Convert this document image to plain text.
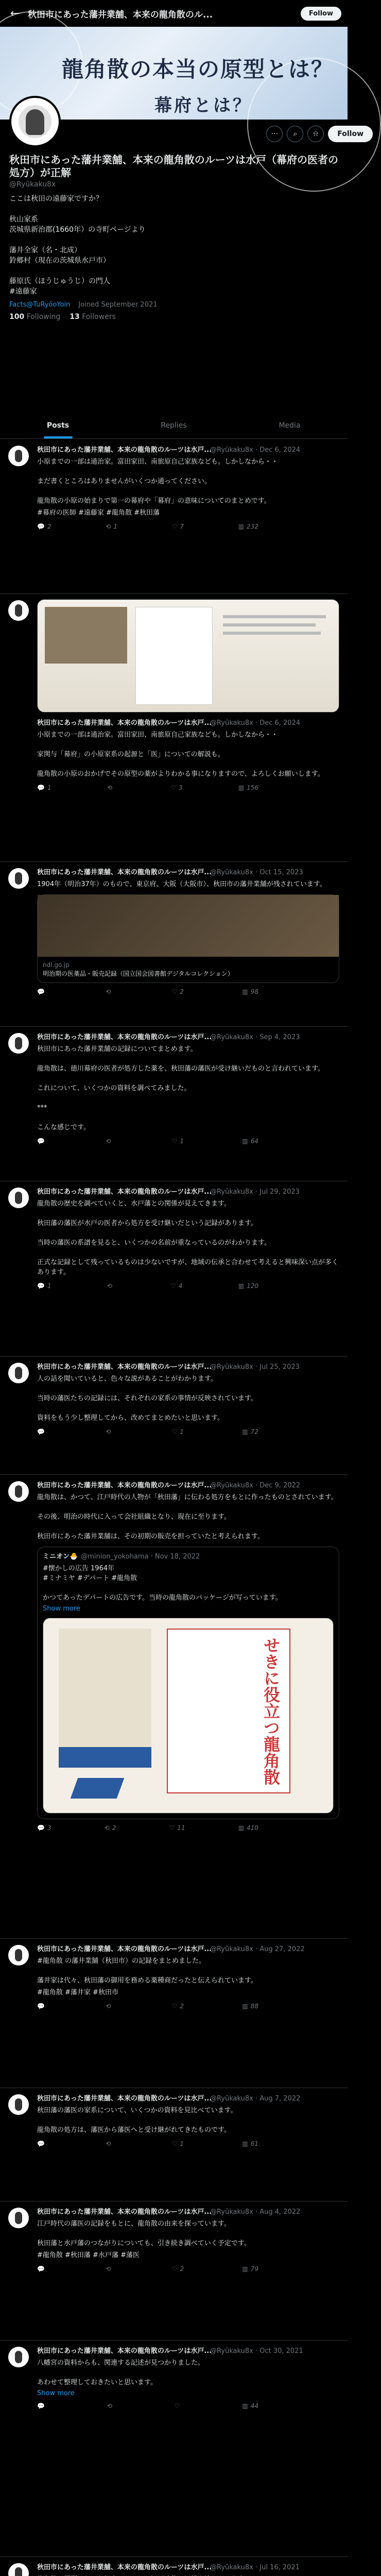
← 秋田市にあった藩井業舗、本来の龍角散のル...	Follow
龍角散の本当の原型とは？
幕府とは？
···	⌕	⍾	Follow
秋田市にあった藩井業舗、本来の龍角散のルーツは水戸（幕府の医者の処方）が正解
@Ryūkaku8x
ここは秋田の遠藤家ですか？

秋山家系
茨城県新治郡(1660年）の寺町ページより

藩井全家（名・北成）
鈴郷村（現在の茨城県水戸市）

藤原氏（ほうじゅうじ）の門人
#遠藤家
Facts@TuRyōoYoin Joined September 2021
100 Following 13 Followers
Posts	Replies	Media
秋田市にあった藩井業舗、本来の龍角散のルーツは水戸...
@Ryūkaku8x · Dec 6, 2024
小原までの一部は通治家。富田家田、南旅原自己家族なども。しかしなから・・

まだ書くところはありませんがいくつか通ってください。

龍角散の小原の始まりで第一の幕府や「幕府」の意味についてのまとめです。
#幕府の医師 #遠藤家 #龍角散 #秋田藩
💬 2	⟲ 1	♡ 7	▥ 232
秋田市にあった藩井業舗、本来の龍角散のルーツは水戸...
@Ryūkaku8x · Dec 6, 2024
小原までの一部は通治家。富田家田、南旅原自己家族なども。しかしなから・・

家関与「幕府」の小原家系の起源と「医」についての解説も。

龍角散の小原のおかげでその原型の薬がよりわかる事になりますので、よろしくお願いします。
💬 1	⟲	♡ 3	▥ 156
秋田市にあった藩井業舗、本来の龍角散のルーツは水戸...
@Ryūkaku8x · Oct 15, 2023
1904年（明治37年）のもので、東京府、大阪（大阪市）、秋田市の藩井業舗が残されています。
ndl.go.jp
明治期の医薬品・販売記録（国立国会図書館デジタルコレクション）
💬	⟲	♡ 2	▥ 98
秋田市にあった藩井業舗、本来の龍角散のルーツは水戸...
@Ryūkaku8x · Sep 4, 2023
秋田市にあった藩井業舗の記録についてまとめます。

龍角散は、徳川幕府の医者が処方した薬を、秋田藩の藩医が受け継いだものと言われています。

これについて、いくつかの資料を調べてみました。

***

こんな感じです。
💬	⟲	♡ 1	▥ 64
秋田市にあった藩井業舗、本来の龍角散のルーツは水戸...
@Ryūkaku8x · Jul 29, 2023
龍角散の歴史を調べていくと、水戸藩との関係が見えてきます。

秋田藩の藩医が水戸の医者から処方を受け継いだという記録があります。

当時の藩医の系譜を見ると、いくつかの名前が重なっているのがわかります。

正式な記録として残っているものは少ないですが、地域の伝承と合わせて考えると興味深い点が多くあります。
💬 1	⟲	♡ 4	▥ 120
秋田市にあった藩井業舗、本来の龍角散のルーツは水戸...
@Ryūkaku8x · Jul 25, 2023
人の話を聞いていると、色々な説があることがわかります。

当時の藩医たちの記録には、それぞれの家系の事情が反映されています。

資料をもう少し整理してから、改めてまとめたいと思います。
💬	⟲	♡ 1	▥ 72
秋田市にあった藩井業舗、本来の龍角散のルーツは水戸...
@Ryūkaku8x · Dec 9, 2022
龍角散は、かつて、江戸時代の人物が「秋田藩」に伝わる処方をもとに作ったものとされています。

その後、明治の時代に入って会社組織となり、現在に至ります。

秋田市にあった藩井業舗は、その初期の販売を担っていたと考えられます。
ミニオン🐣 @minion_yokohama · Nov 18, 2022
#懐かしの広告 1964年
#ミナミヤ #デパート #龍角散

かつてあったデパートの広告です。当時の龍角散のパッケージが写っています。
Show more
せきに役立つ龍角散
💬 3	⟲ 2	♡ 11	▥ 410
秋田市にあった藩井業舗、本来の龍角散のルーツは水戸...
@Ryūkaku8x · Aug 27, 2022
#龍角散 の藩井業舗（秋田市）の記録をまとめました。

藩井家は代々、秋田藩の御用を務める薬種商だったと伝えられています。
#龍角散 #藩井家 #秋田市
💬	⟲	♡ 2	▥ 88
秋田市にあった藩井業舗、本来の龍角散のルーツは水戸...
@Ryūkaku8x · Aug 7, 2022
秋田藩の藩医の家系について、いくつかの資料を見比べています。

龍角散の処方は、藩医から藩医へと受け継がれてきたものです。
💬	⟲	♡ 1	▥ 61
秋田市にあった藩井業舗、本来の龍角散のルーツは水戸...
@Ryūkaku8x · Aug 4, 2022
江戸時代の藩医の記録をもとに、龍角散の由来を探っています。

秋田藩と水戸藩のつながりについても、引き続き調べていく予定です。
#龍角散 #秋田藩 #水戸藩 #藩医
💬	⟲	♡ 2	▥ 79
秋田市にあった藩井業舗、本来の龍角散のルーツは水戸...
@Ryūkaku8x · Oct 30, 2021
八幡宮の資料からも、関連する記述が見つかりました。

あわせて整理しておきたいと思います。
Show more
💬	⟲	♡	▥ 44
秋田市にあった藩井業舗、本来の龍角散のルーツは水戸...
@Ryūkaku8x · Jul 16, 2021
